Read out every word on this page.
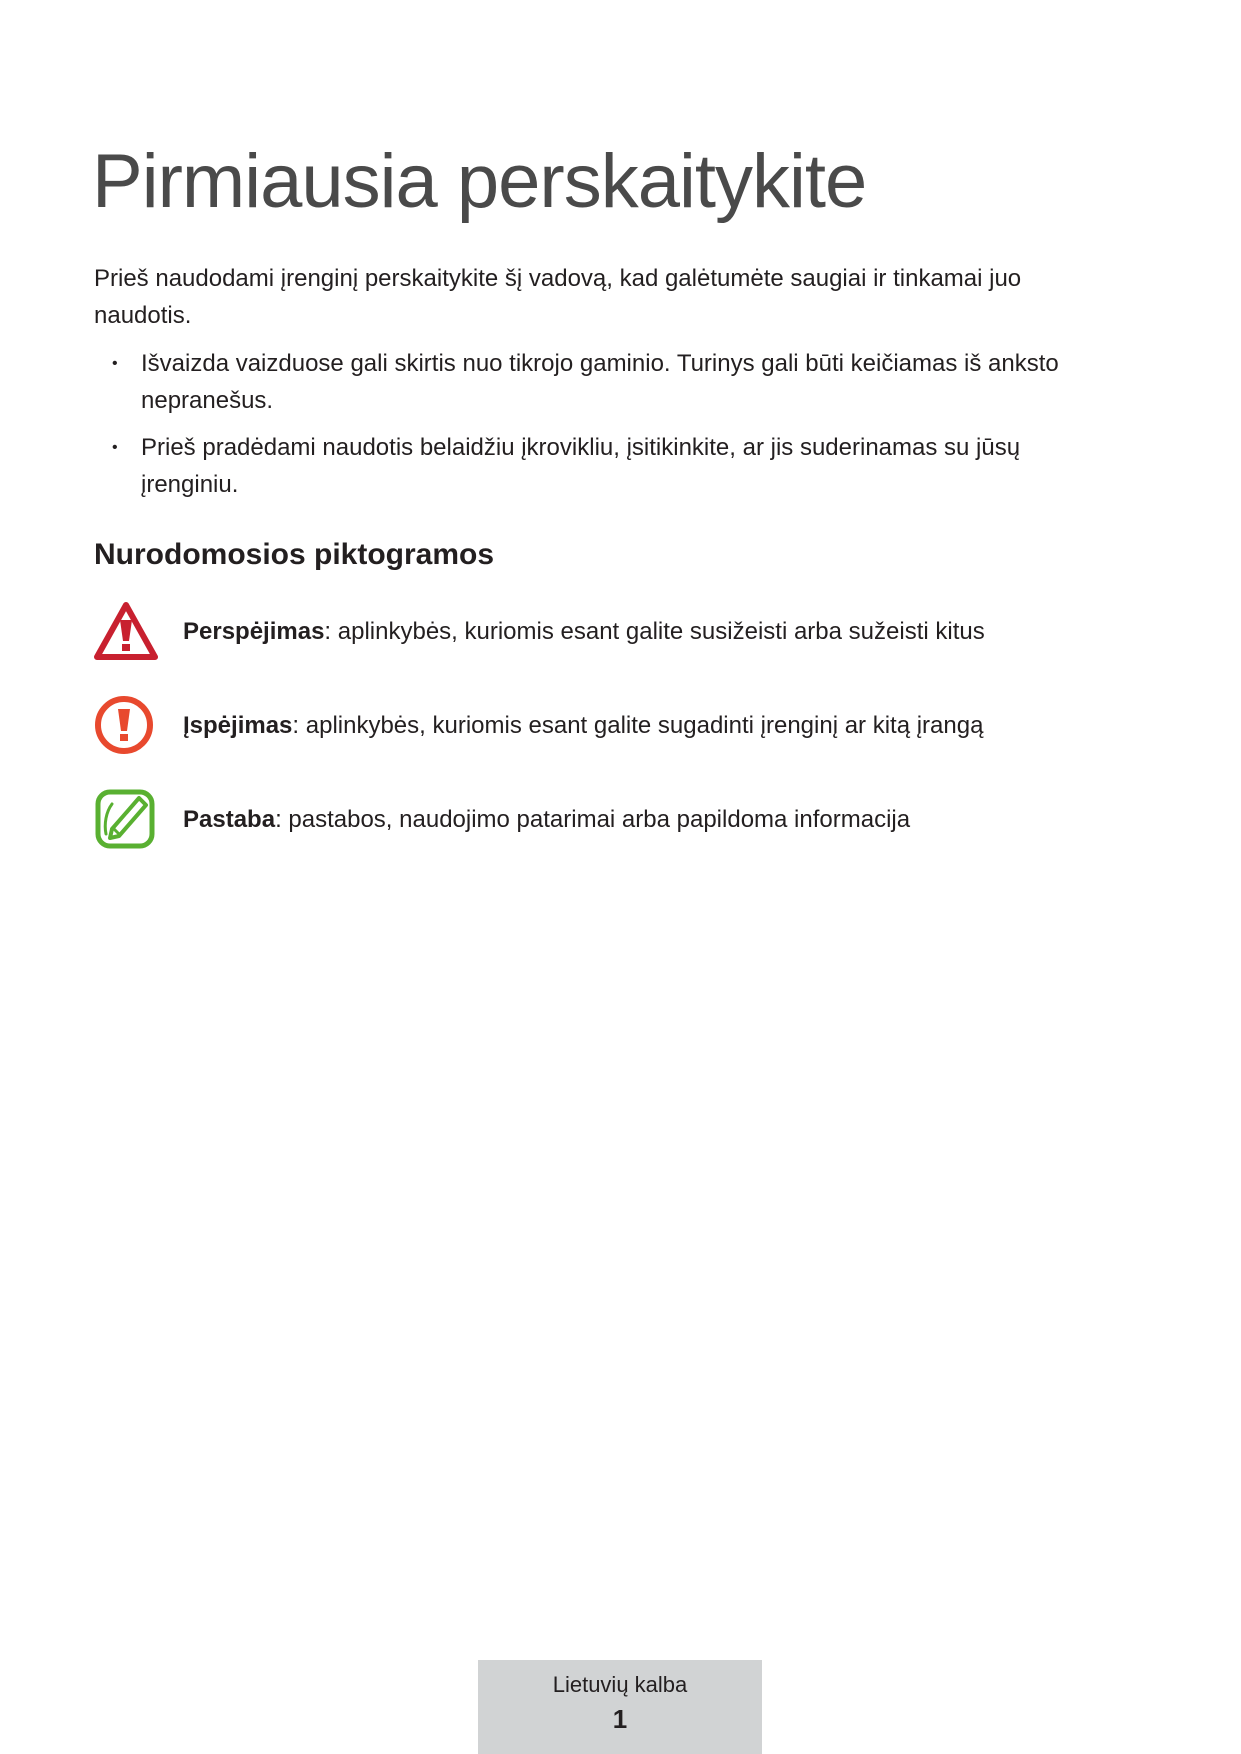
Pirmiausia perskaitykite

Prieš naudodami įrenginį perskaitykite šį vadovą, kad galėtumėte saugiai ir tinkamai juo naudotis.

• Išvaizda vaizduose gali skirtis nuo tikrojo gaminio. Turinys gali būti keičiamas iš anksto nepranešus.
• Prieš pradėdami naudotis belaidžiu įkrovikliu, įsitikinkite, ar jis suderinamas su jūsų įrenginiu.
Nurodomosios piktogramos
Perspėjimas: aplinkybės, kuriomis esant galite susižeisti arba sužeisti kitus
Įspėjimas: aplinkybės, kuriomis esant galite sugadinti įrenginį ar kitą įrangą
Pastaba: pastabos, naudojimo patarimai arba papildoma informacija
Lietuvių kalba
1
